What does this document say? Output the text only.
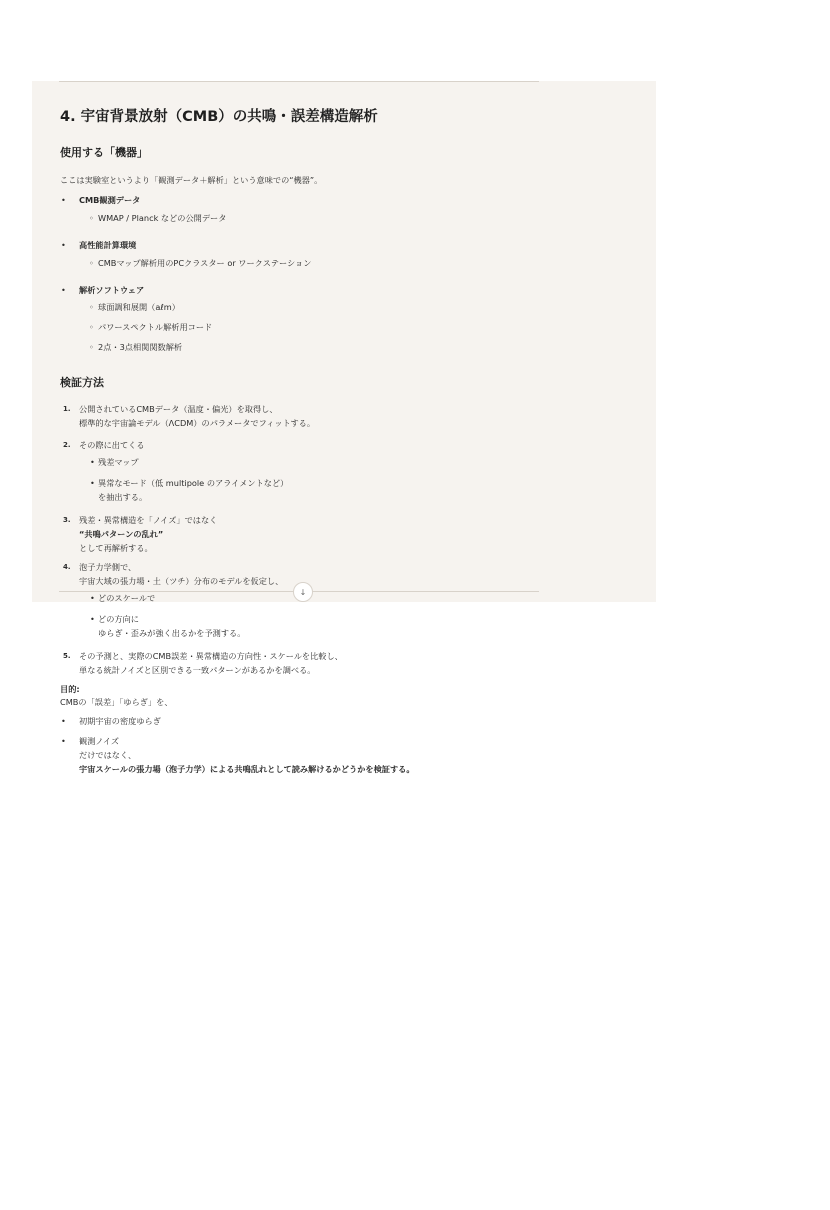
4. 宇宙背景放射（CMB）の共鳴・誤差構造解析
使用する「機器」

ここは実験室というより「観測データ＋解析」という意味での“機器”。

• CMB観測データ
◦ WMAP / Planck などの公開データ
• 高性能計算環境
◦ CMBマップ解析用のPCクラスター or ワークステーション
• 解析ソフトウェア
◦ 球面調和展開（aℓm）
◦ パワースペクトル解析用コード
◦ 2点・3点相関関数解析
検証方法
1. 公開されているCMBデータ（温度・偏光）を取得し、
標準的な宇宙論モデル（ΛCDM）のパラメータでフィットする。
2. その際に出てくる
• 残差マップ
• 異常なモード（低 multipole のアライメントなど）
を抽出する。
3. 残差・異常構造を「ノイズ」ではなく
“共鳴パターンの乱れ”
として再解析する。
4. 泡子力学側で、
宇宙大域の張力場・土（ツチ）分布のモデルを仮定し、
• どのスケールで
• どの方向に
ゆらぎ・歪みが強く出るかを予測する。
5. その予測と、実際のCMB誤差・異常構造の方向性・スケールを比較し、
単なる統計ノイズと区別できる一致パターンがあるかを調べる。

目的:

CMBの「誤差」「ゆらぎ」を、

• 初期宇宙の密度ゆらぎ
• 観測ノイズ
だけではなく、
宇宙スケールの張力場（泡子力学）による共鳴乱れとして読み解けるかどうかを検証する。
↓
